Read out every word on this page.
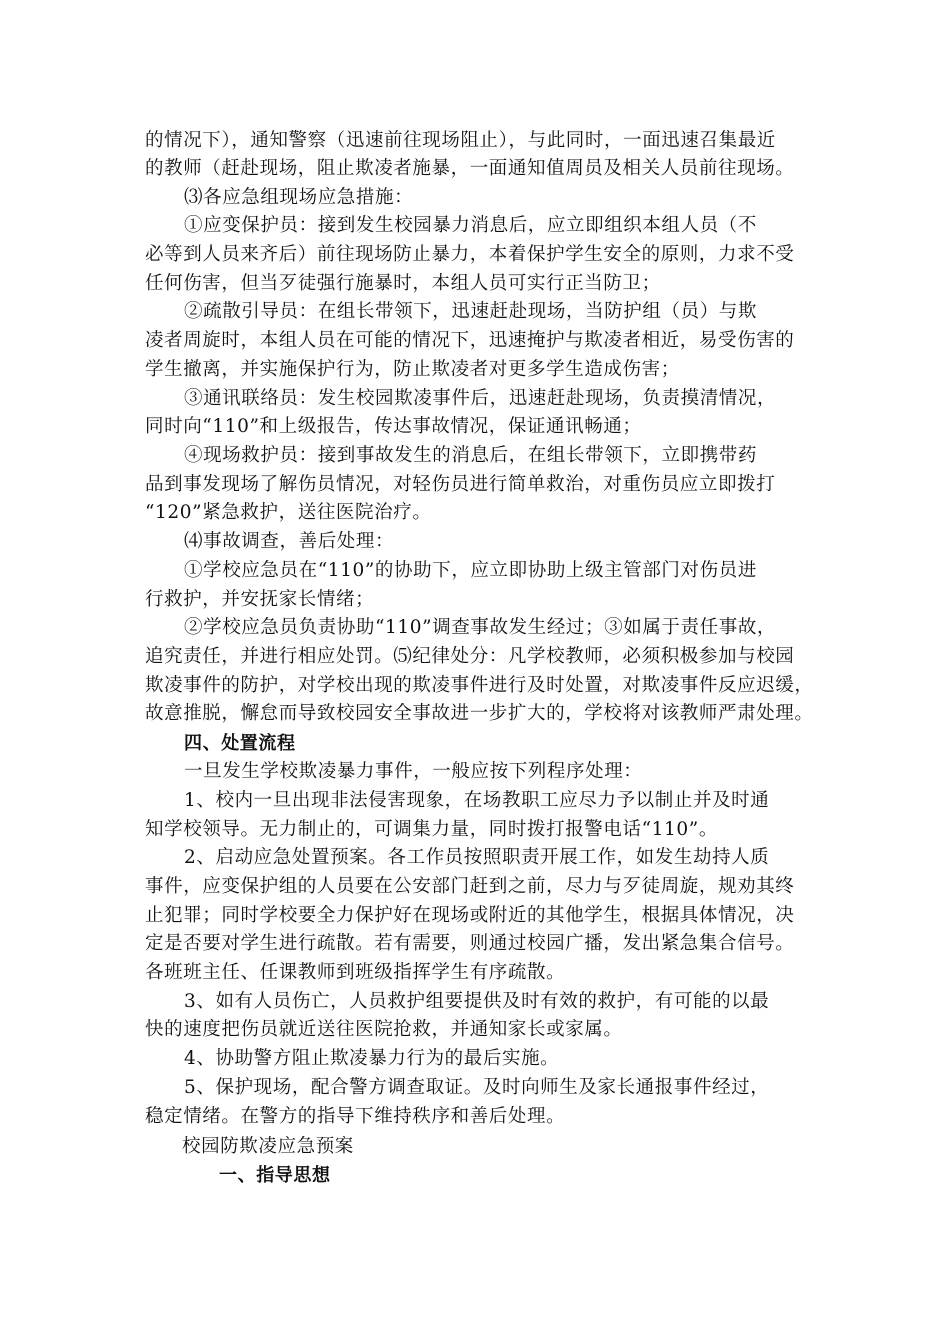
的情况下），通知警察（迅速前往现场阻止），与此同时，一面迅速召集最近
的教师（赶赴现场，阻止欺凌者施暴，一面通知值周员及相关人员前往现场。
⑶各应急组现场应急措施：
①应变保护员：接到发生校园暴力消息后，应立即组织本组人员（不
必等到人员来齐后）前往现场防止暴力，本着保护学生安全的原则，力求不受
任何伤害，但当歹徒强行施暴时，本组人员可实行正当防卫；
②疏散引导员：在组长带领下，迅速赶赴现场，当防护组（员）与欺
凌者周旋时，本组人员在可能的情况下，迅速掩护与欺凌者相近，易受伤害的
学生撤离，并实施保护行为，防止欺凌者对更多学生造成伤害；
③通讯联络员：发生校园欺凌事件后，迅速赶赴现场，负责摸清情况，
同时向“110”和上级报告，传达事故情况，保证通讯畅通；
④现场救护员：接到事故发生的消息后，在组长带领下，立即携带药
品到事发现场了解伤员情况，对轻伤员进行简单救治，对重伤员应立即拨打
“120”紧急救护，送往医院治疗。
⑷事故调查，善后处理：
①学校应急员在“110”的协助下，应立即协助上级主管部门对伤员进
行救护，并安抚家长情绪；
②学校应急员负责协助“110”调查事故发生经过；③如属于责任事故，
追究责任，并进行相应处罚。⑸纪律处分：凡学校教师，必须积极参加与校园
欺凌事件的防护，对学校出现的欺凌事件进行及时处置，对欺凌事件反应迟缓，
故意推脱，懈怠而导致校园安全事故进一步扩大的，学校将对该教师严肃处理。
四、处置流程
一旦发生学校欺凌暴力事件，一般应按下列程序处理：
1、校内一旦出现非法侵害现象，在场教职工应尽力予以制止并及时通
知学校领导。无力制止的，可调集力量，同时拨打报警电话“110”。
2、启动应急处置预案。各工作员按照职责开展工作，如发生劫持人质
事件，应变保护组的人员要在公安部门赶到之前，尽力与歹徒周旋，规劝其终
止犯罪；同时学校要全力保护好在现场或附近的其他学生，根据具体情况，决
定是否要对学生进行疏散。若有需要，则通过校园广播，发出紧急集合信号。
各班班主任、任课教师到班级指挥学生有序疏散。
3、如有人员伤亡，人员救护组要提供及时有效的救护，有可能的以最
快的速度把伤员就近送往医院抢救，并通知家长或家属。
4、协助警方阻止欺凌暴力行为的最后实施。
5、保护现场，配合警方调查取证。及时向师生及家长通报事件经过，
稳定情绪。在警方的指导下维持秩序和善后处理。
校园防欺凌应急预案
一、指导思想
